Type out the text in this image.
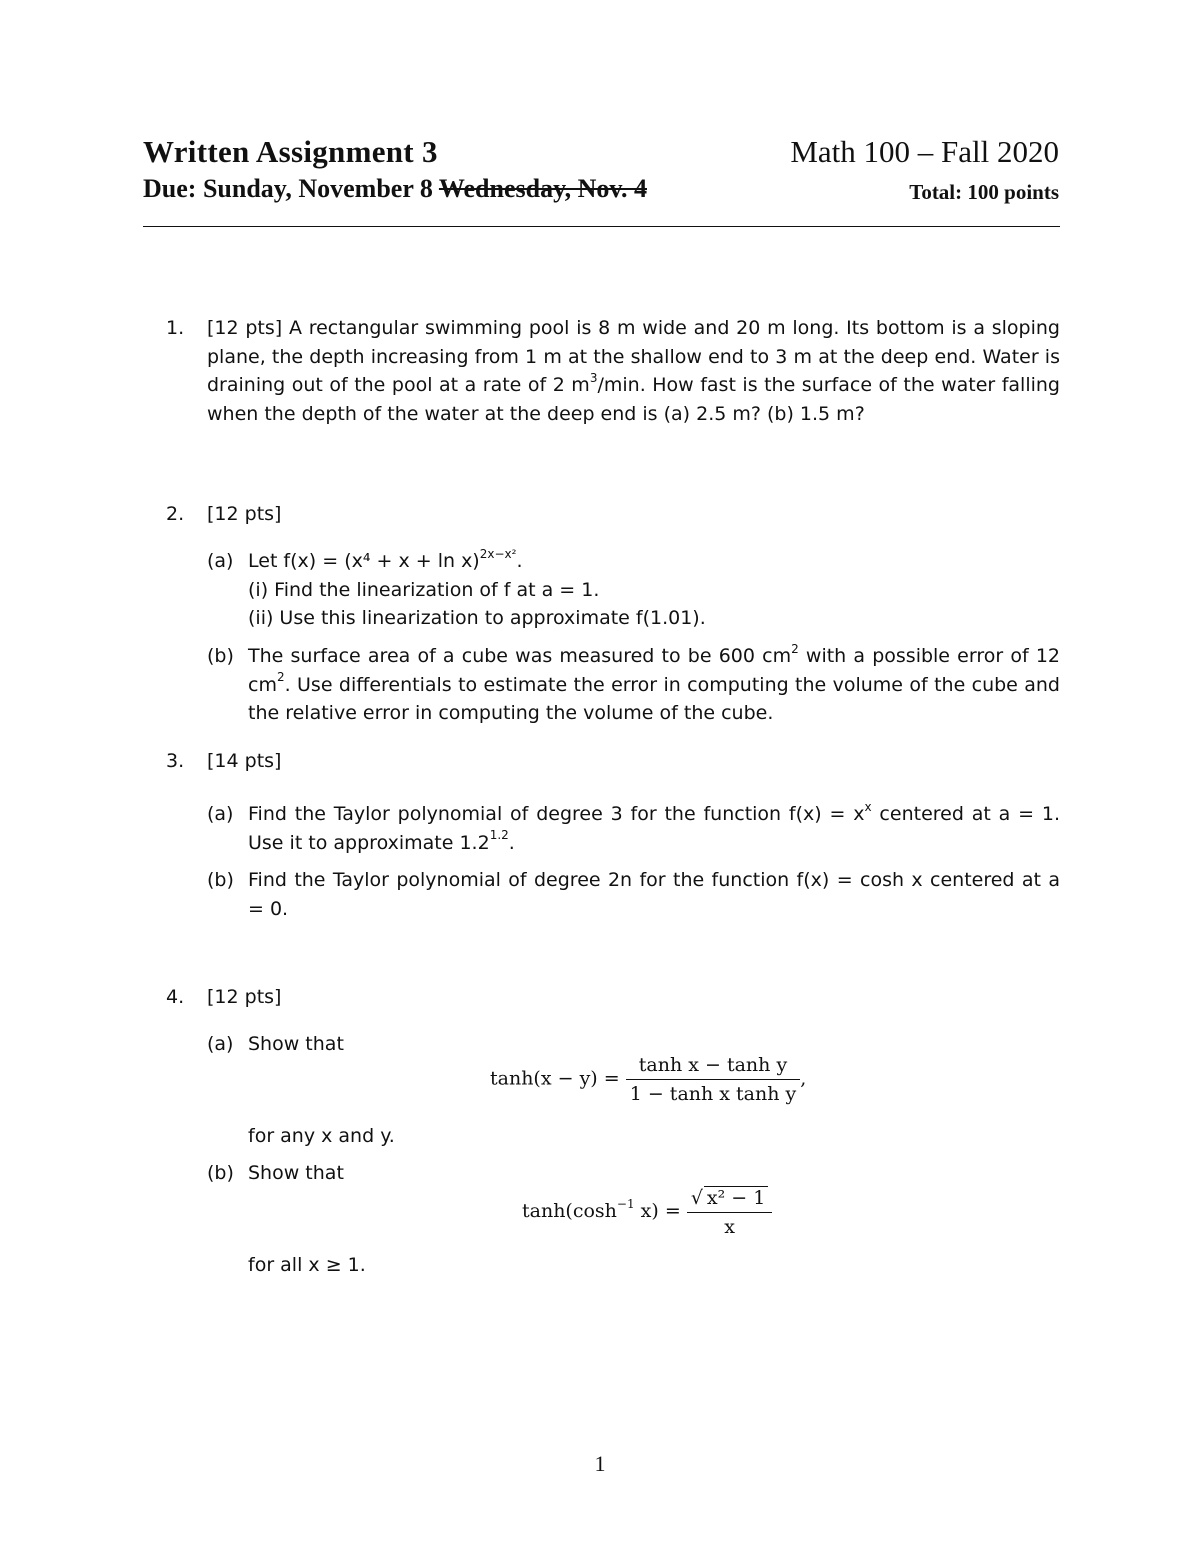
Written Assignment 3	Math 100 – Fall 2020
Due: Sunday, November 8 Wednesday, Nov. 4	Total: 100 points
1. [12 pts] A rectangular swimming pool is 8 m wide and 20 m long. Its bottom is a sloping plane, the depth increasing from 1 m at the shallow end to 3 m at the deep end. Water is draining out of the pool at a rate of 2 $m^3/\min$. How fast is the surface of the water falling when the depth of the water at the deep end is (a) 2.5 m? (b) 1.5 m?
2. [12 pts]
(a) Let $f(x) = (x^4 + x + \ln x)^{2x-x^2}$.
(i) Find the linearization of f at a = 1.
(ii) Use this linearization to approximate f(1.01).
(b) The surface area of a cube was measured to be 600 $cm^2$ with a possible error of 12 $cm^2$. Use differentials to estimate the error in computing the volume of the cube and the relative error in computing the volume of the cube.
3. [14 pts]
(a) Find the Taylor polynomial of degree 3 for the function $f(x) = x^x$ centered at a = 1. Use it to approximate $1.2^{1.2}$.
(b) Find the Taylor polynomial of degree 2n for the function f(x) = cosh x centered at a = 0.
4. [12 pts]
(a) Show that
$\tanh(x - y) = \frac{\text{tanh x − tanh y}}{\text{1 − tanh x tanh y}}$ ,
for any x and y.
(b) Show that
$\tanh(\cosh^{-1}$ $x) = \frac{\text{√ x² − 1}}{x}$
for all x ≥ 1.
1
